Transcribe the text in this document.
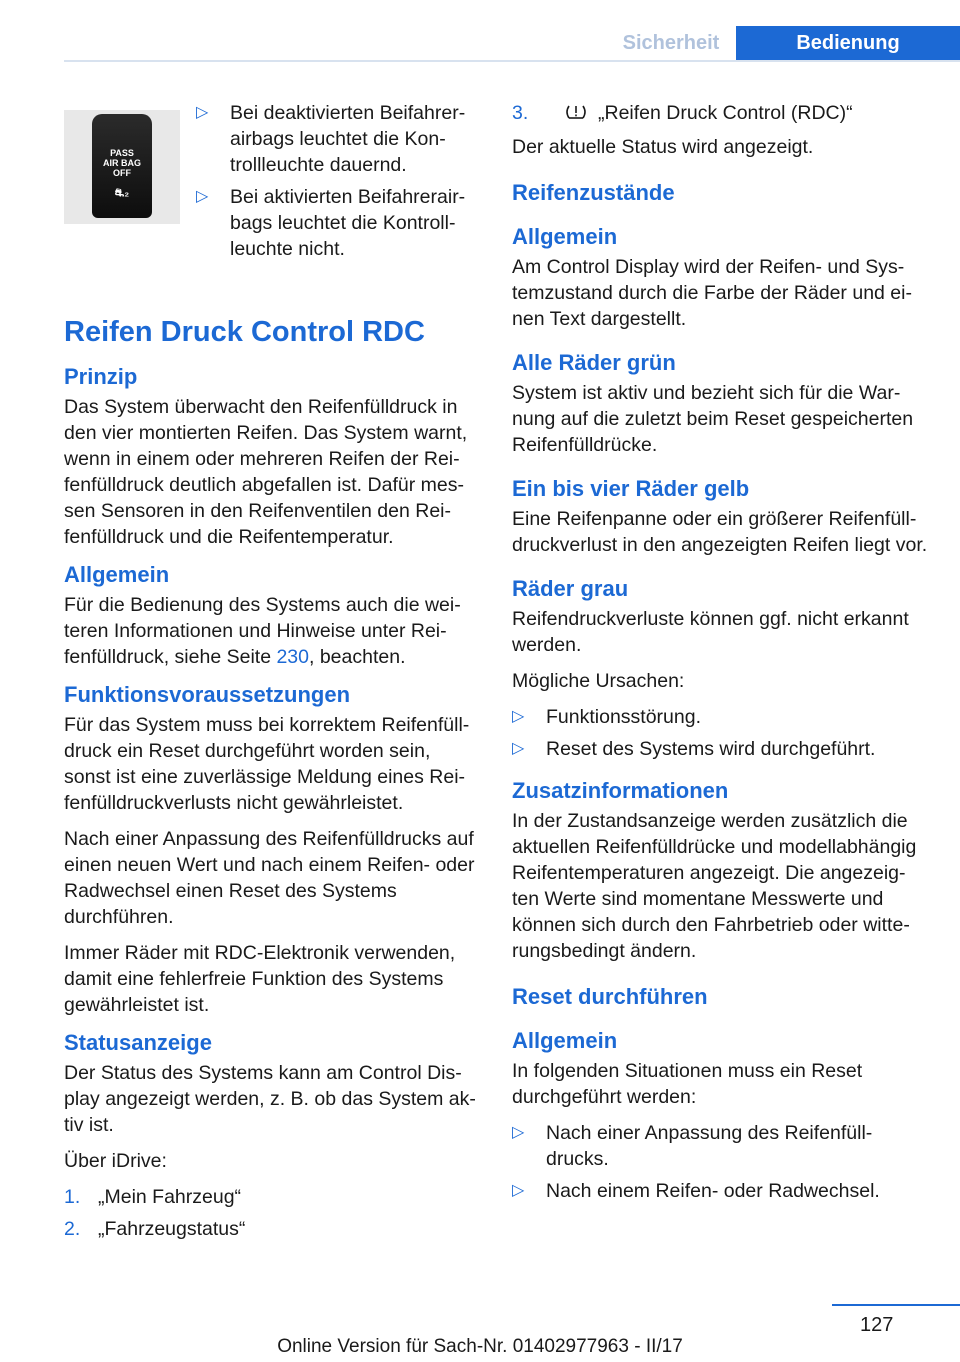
Sicherheit	Bedienung
PASS
AIR BAG
OFF
⛐₂
▷ Bei deaktivierten Beifahrer-airbags leuchtet die Kon-trollleuchte dauernd.
▷ Bei aktivierten Beifahrerair-bags leuchtet die Kontroll-leuchte nicht.
Reifen Druck Control RDC
Prinzip

Das System überwacht den Reifenfülldruck in den vier montierten Reifen. Das System warnt, wenn in einem oder mehreren Reifen der Rei-fenfülldruck deutlich abgefallen ist. Dafür mes-sen Sensoren in den Reifenventilen den Rei-fenfülldruck und die Reifentemperatur.

Allgemein

Für die Bedienung des Systems auch die wei-teren Informationen und Hinweise unter Rei-fenfülldruck, siehe Seite 230, beachten.

Funktionsvoraussetzungen

Für das System muss bei korrektem Reifenfüll-druck ein Reset durchgeführt worden sein, sonst ist eine zuverlässige Meldung eines Rei-fenfülldruckverlusts nicht gewährleistet.

Nach einer Anpassung des Reifenfülldrucks auf einen neuen Wert und nach einem Reifen- oder Radwechsel einen Reset des Systems durchführen.

Immer Räder mit RDC-Elektronik verwenden, damit eine fehlerfreie Funktion des Systems gewährleistet ist.

Statusanzeige

Der Status des Systems kann am Control Dis-play angezeigt werden, z. B. ob das System ak-tiv ist.

Über iDrive:

1. „Mein Fahrzeug“
2. „Fahrzeugstatus“
3.	„Reifen Druck Control (RDC)“

Der aktuelle Status wird angezeigt.

Reifenzustände
Allgemein

Am Control Display wird der Reifen- und Sys-temzustand durch die Farbe der Räder und ei-nen Text dargestellt.

Alle Räder grün

System ist aktiv und bezieht sich für die War-nung auf die zuletzt beim Reset gespeicherten Reifenfülldrücke.

Ein bis vier Räder gelb

Eine Reifenpanne oder ein größerer Reifenfüll-druckverlust in den angezeigten Reifen liegt vor.

Räder grau

Reifendruckverluste können ggf. nicht erkannt werden.

Mögliche Ursachen:

▷ Funktionsstörung.
▷ Reset des Systems wird durchgeführt.
Zusatzinformationen

In der Zustandsanzeige werden zusätzlich die aktuellen Reifenfülldrücke und modellabhängig Reifentemperaturen angezeigt. Die angezeig-ten Werte sind momentane Messwerte und können sich durch den Fahrbetrieb oder witte-rungsbedingt ändern.

Reset durchführen
Allgemein

In folgenden Situationen muss ein Reset durchgeführt werden:

▷ Nach einer Anpassung des Reifenfüll-drucks.
▷ Nach einem Reifen- oder Radwechsel.
127
Online Version für Sach-Nr. 01402977963 - II/17
